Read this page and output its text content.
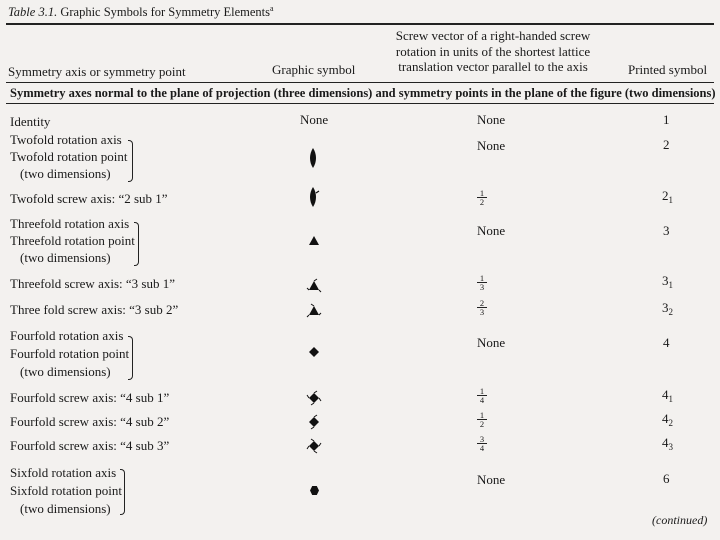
Table 3.1. Graphic Symbols for Symmetry Elements$^a$
Symmetry axis or symmetry point	Graphic symbol
Screw vector of a right-handed screw
rotation in units of the shortest lattice
translation vector parallel to the axis	Printed symbol
Symmetry axes normal to the plane of projection (three dimensions) and symmetry points in the plane of the figure (two dimensions)
Identity	None	None	1
Twofold rotation axis
Twofold rotation point
(two dimensions)
None	2
Twofold screw axis: “2 sub 1”	$\frac{1}{2}$	$2_1$
Threefold rotation axis
Threefold rotation point
(two dimensions)
None	3
Threefold screw axis: “3 sub 1”	$\frac{1}{3}$	$3_1$
Three fold screw axis: “3 sub 2”	$\frac{2}{3}$	$3_2$
Fourfold rotation axis
Fourfold rotation point
(two dimensions)
None	4
Fourfold screw axis: “4 sub 1”	$\frac{1}{4}$	$4_1$
Fourfold screw axis: “4 sub 2”	$\frac{1}{2}$	$4_2$
Fourfold screw axis: “4 sub 3”	$\frac{3}{4}$	$4_3$
Sixfold rotation axis
Sixfold rotation point
(two dimensions)
None	6
(continued)
